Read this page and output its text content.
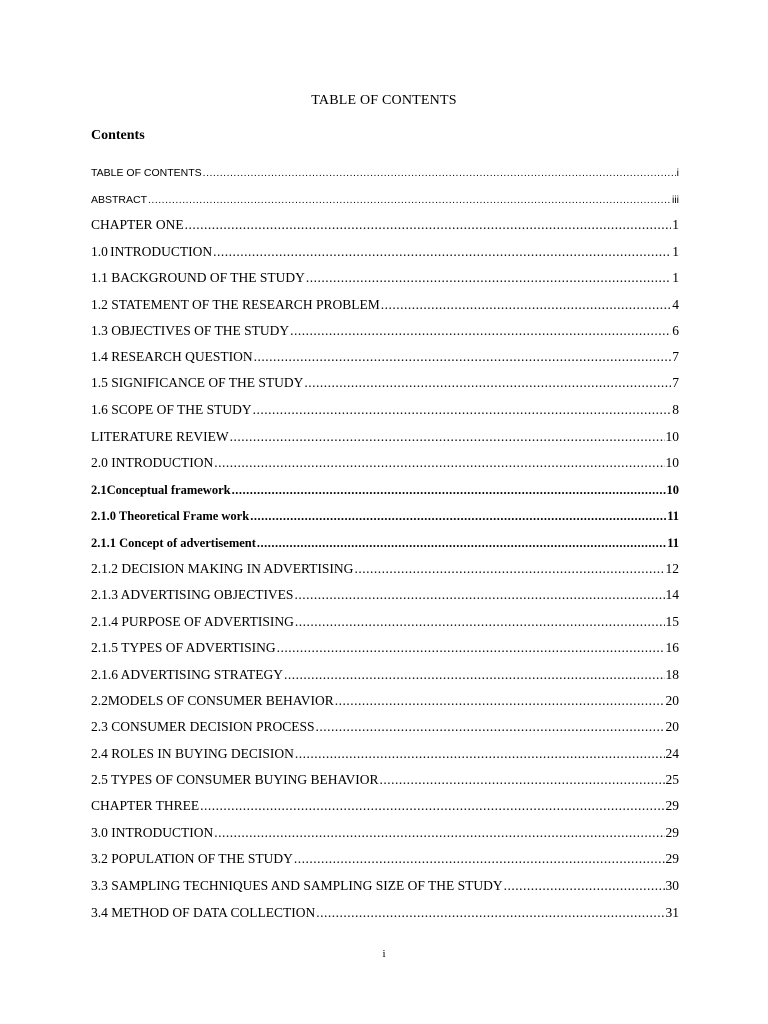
TABLE OF CONTENTS
Contents
TABLE OF CONTENTS .....	i
ABSTRACT .....	iii
CHAPTER ONE .....	1
1.0 INTRODUCTION .....	1
1.1 BACKGROUND OF THE STUDY .....	1
1.2 STATEMENT OF THE RESEARCH PROBLEM .....	4
1.3 OBJECTIVES OF THE STUDY .....	6
1.4 RESEARCH QUESTION .....	7
1.5 SIGNIFICANCE OF THE STUDY .....	7
1.6 SCOPE OF THE STUDY .....	8
LITERATURE REVIEW .....	10
2.0 INTRODUCTION .....	10
2.1Conceptual framework .....	10
2.1.0 Theoretical Frame work .....	11
2.1.1 Concept of advertisement .....	11
2.1.2 DECISION MAKING IN ADVERTISING .....	12
2.1.3 ADVERTISING OBJECTIVES .....	14
2.1.4 PURPOSE OF ADVERTISING .....	15
2.1.5 TYPES OF ADVERTISING .....	16
2.1.6 ADVERTISING STRATEGY .....	18
2.2 MODELS OF CONSUMER BEHAVIOR .....	20
2.3 CONSUMER DECISION PROCESS .....	20
2.4 ROLES IN BUYING DECISION .....	24
2.5 TYPES OF CONSUMER BUYING BEHAVIOR .....	25
CHAPTER THREE .....	29
3.0 INTRODUCTION .....	29
3.2 POPULATION OF THE STUDY .....	29
3.3 SAMPLING TECHNIQUES AND SAMPLING SIZE OF THE STUDY .....	30
3.4 METHOD OF DATA COLLECTION .....	31
i
